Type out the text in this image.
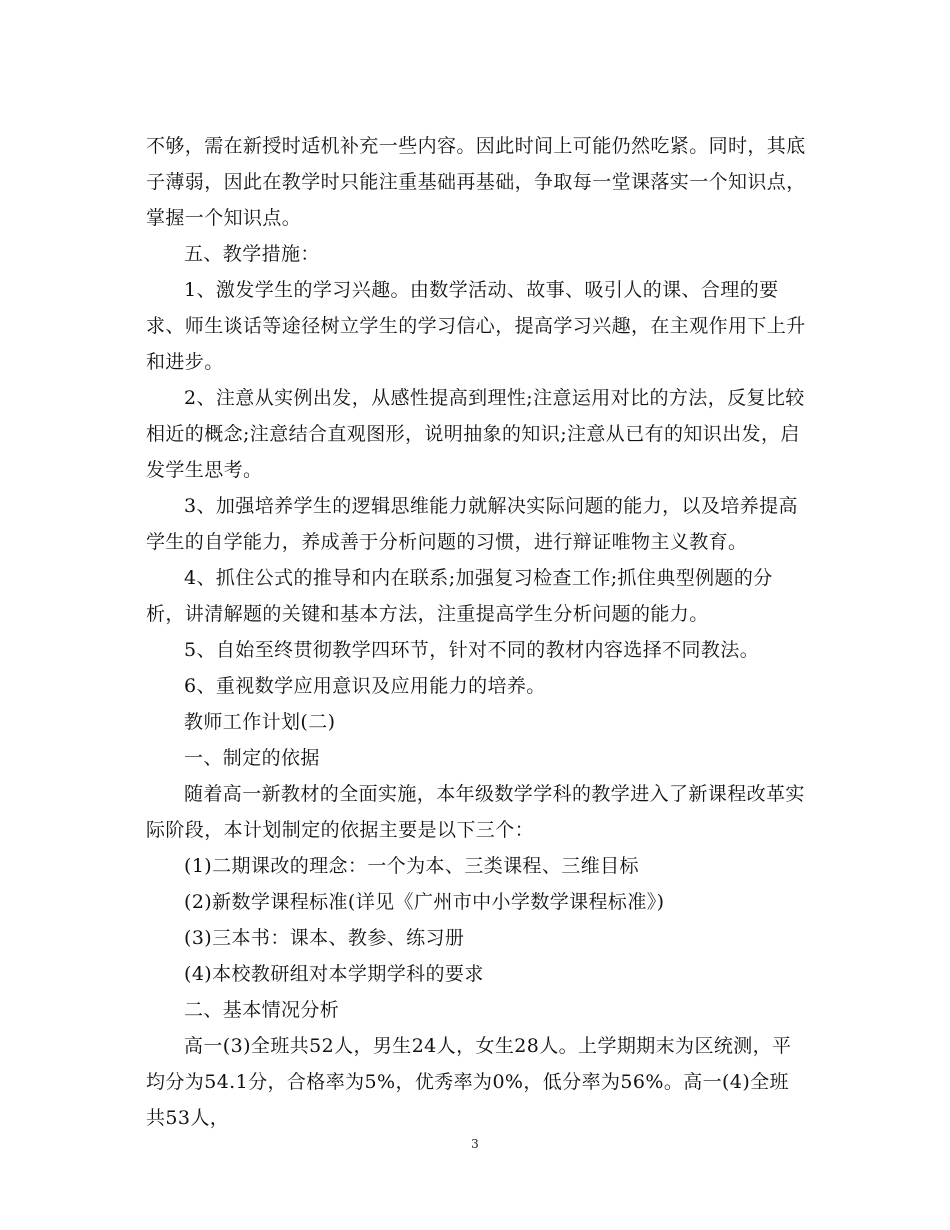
不够，需在新授时适机补充一些内容。因此时间上可能仍然吃紧。同时，其底子薄弱，因此在教学时只能注重基础再基础，争取每一堂课落实一个知识点，掌握一个知识点。

五、教学措施：

1、激发学生的学习兴趣。由数学活动、故事、吸引人的课、合理的要求、师生谈话等途径树立学生的学习信心，提高学习兴趣，在主观作用下上升和进步。

2、注意从实例出发，从感性提高到理性;注意运用对比的方法，反复比较相近的概念;注意结合直观图形，说明抽象的知识;注意从已有的知识出发，启发学生思考。

3、加强培养学生的逻辑思维能力就解决实际问题的能力，以及培养提高学生的自学能力，养成善于分析问题的习惯，进行辩证唯物主义教育。

4、抓住公式的推导和内在联系;加强复习检查工作;抓住典型例题的分析，讲清解题的关键和基本方法，注重提高学生分析问题的能力。

5、自始至终贯彻教学四环节，针对不同的教材内容选择不同教法。

6、重视数学应用意识及应用能力的培养。

教师工作计划(二)

一、制定的依据

随着高一新教材的全面实施，本年级数学学科的教学进入了新课程改革实际阶段，本计划制定的依据主要是以下三个：

(1)二期课改的理念：一个为本、三类课程、三维目标

(2)新数学课程标准(详见《广州市中小学数学课程标准》)

(3)三本书：课本、教参、练习册

(4)本校教研组对本学期学科的要求

二、基本情况分析

高一(3)全班共52人，男生24人，女生28人。上学期期末为区统测，平均分为54.1分，合格率为5%，优秀率为0%，低分率为56%。高一(4)全班共53人，

3
